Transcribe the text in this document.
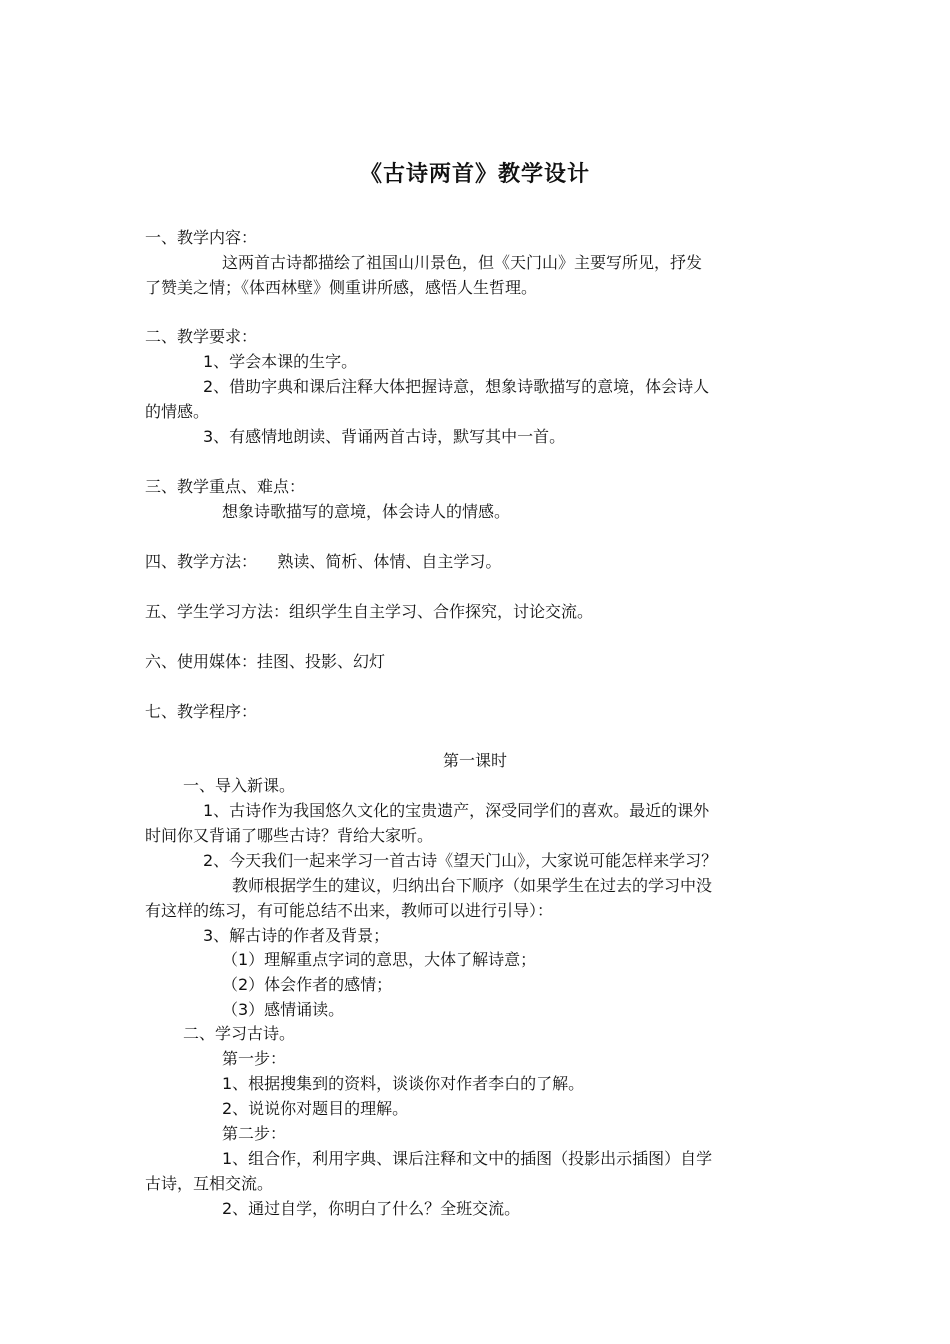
《古诗两首》教学设计
一、教学内容：
这两首古诗都描绘了祖国山川景色，但《天门山》主要写所见，抒发
了赞美之情；《体西林壁》侧重讲所感，感悟人生哲理。
二、教学要求：
1、学会本课的生字。
2、借助字典和课后注释大体把握诗意，想象诗歌描写的意境，体会诗人
的情感。
3、有感情地朗读、背诵两首古诗，默写其中一首。
三、教学重点、难点：
想象诗歌描写的意境，体会诗人的情感。
四、教学方法：    熟读、简析、体情、自主学习。
五、学生学习方法：组织学生自主学习、合作探究，讨论交流。
六、使用媒体：挂图、投影、幻灯
七、教学程序：
第一课时
一、导入新课。
1、古诗作为我国悠久文化的宝贵遗产，深受同学们的喜欢。最近的课外
时间你又背诵了哪些古诗？背给大家听。
2、今天我们一起来学习一首古诗《望天门山》，大家说可能怎样来学习？
教师根据学生的建议，归纳出台下顺序（如果学生在过去的学习中没
有这样的练习，有可能总结不出来，教师可以进行引导）：
3、解古诗的作者及背景；
（1）理解重点字词的意思，大体了解诗意；
（2）体会作者的感情；
（3）感情诵读。
二、学习古诗。
第一步：
1、根据搜集到的资料，谈谈你对作者李白的了解。
2、说说你对题目的理解。
第二步：
1、组合作，利用字典、课后注释和文中的插图（投影出示插图）自学
古诗，互相交流。
2、通过自学，你明白了什么？全班交流。
